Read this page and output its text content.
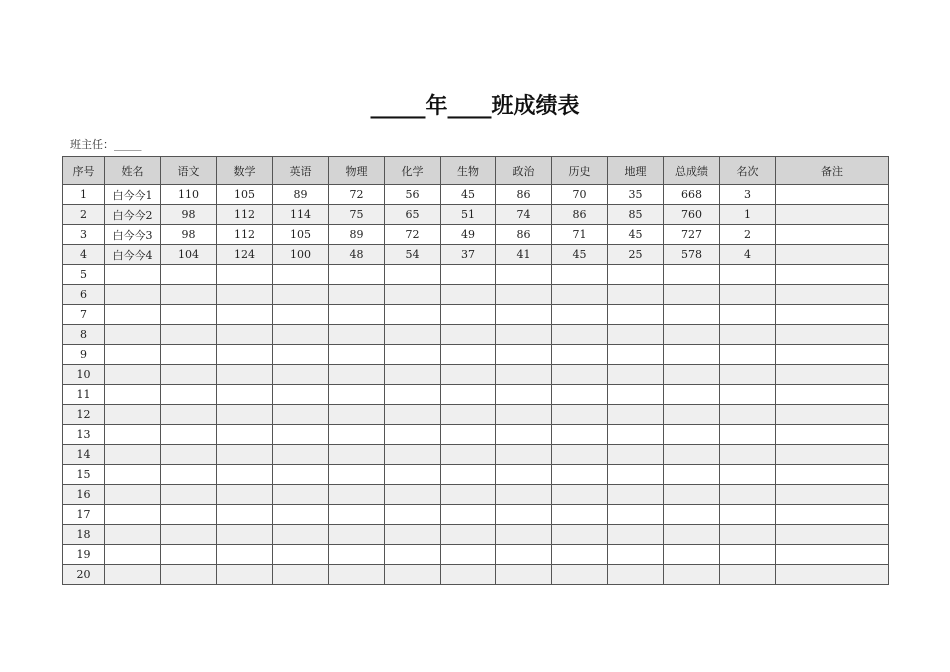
_____年____班成绩表
班主任：_____
序号	姓名	语文	数学	英语	物理	化学	生物	政治	历史	地理	总成绩	名次	备注
1	白今今1	110	105	89	72	56	45	86	70	35	668	3	
2	白今今2	98	112	114	75	65	51	74	86	85	760	1	
3	白今今3	98	112	105	89	72	49	86	71	45	727	2	
4	白今今4	104	124	100	48	54	37	41	45	25	578	4	
5													
6													
7													
8													
9													
10													
11													
12													
13													
14													
15													
16													
17													
18													
19													
20													
